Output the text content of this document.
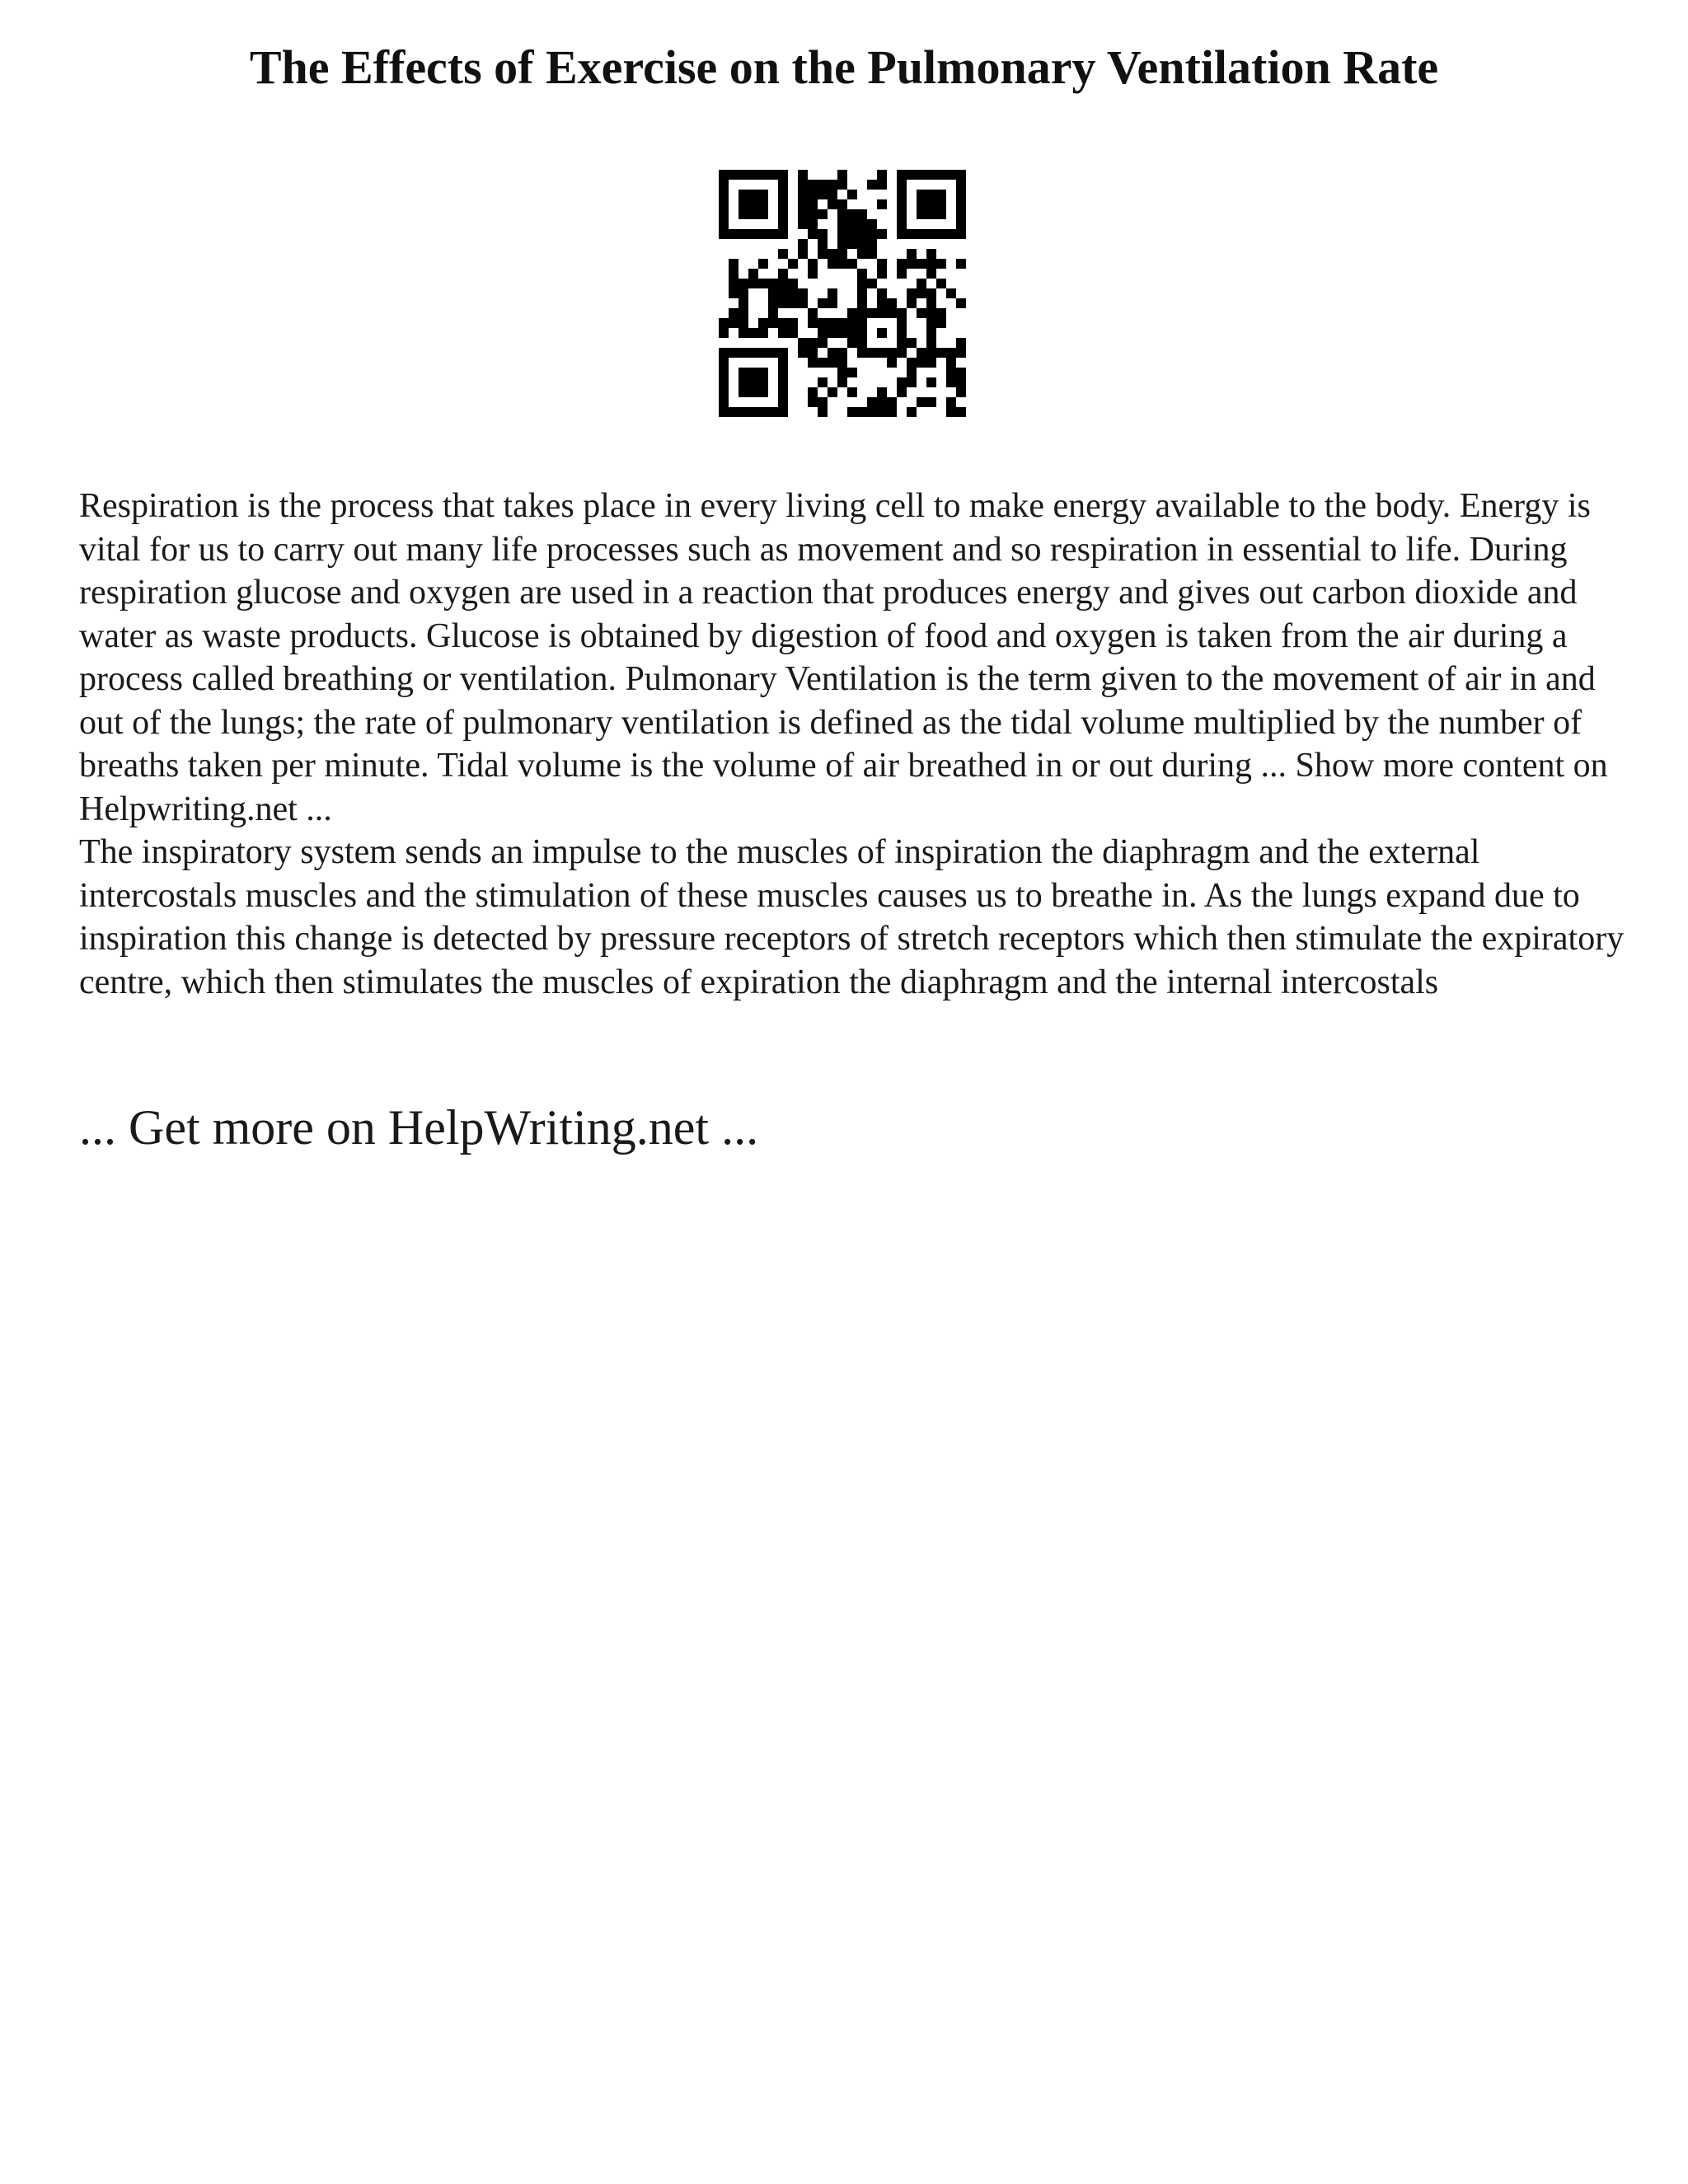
The Effects of Exercise on the Pulmonary Ventilation Rate

Respiration is the process that takes place in every living cell to make energy available to the body. Energy is vital for us to carry out many life processes such as movement and so respiration in essential to life. During respiration glucose and oxygen are used in a reaction that produces energy and gives out carbon dioxide and water as waste products. Glucose is obtained by digestion of food and oxygen is taken from the air during a process called breathing or ventilation. Pulmonary Ventilation is the term given to the movement of air in and out of the lungs; the rate of pulmonary ventilation is defined as the tidal volume multiplied by the number of breaths taken per minute. Tidal volume is the volume of air breathed in or out during ... Show more content on Helpwriting.net ...

The inspiratory system sends an impulse to the muscles of inspiration the diaphragm and the external intercostals muscles and the stimulation of these muscles causes us to breathe in. As the lungs expand due to inspiration this change is detected by pressure receptors of stretch receptors which then stimulate the expiratory centre, which then stimulates the muscles of expiration the diaphragm and the internal intercostals

... Get more on HelpWriting.net ...
